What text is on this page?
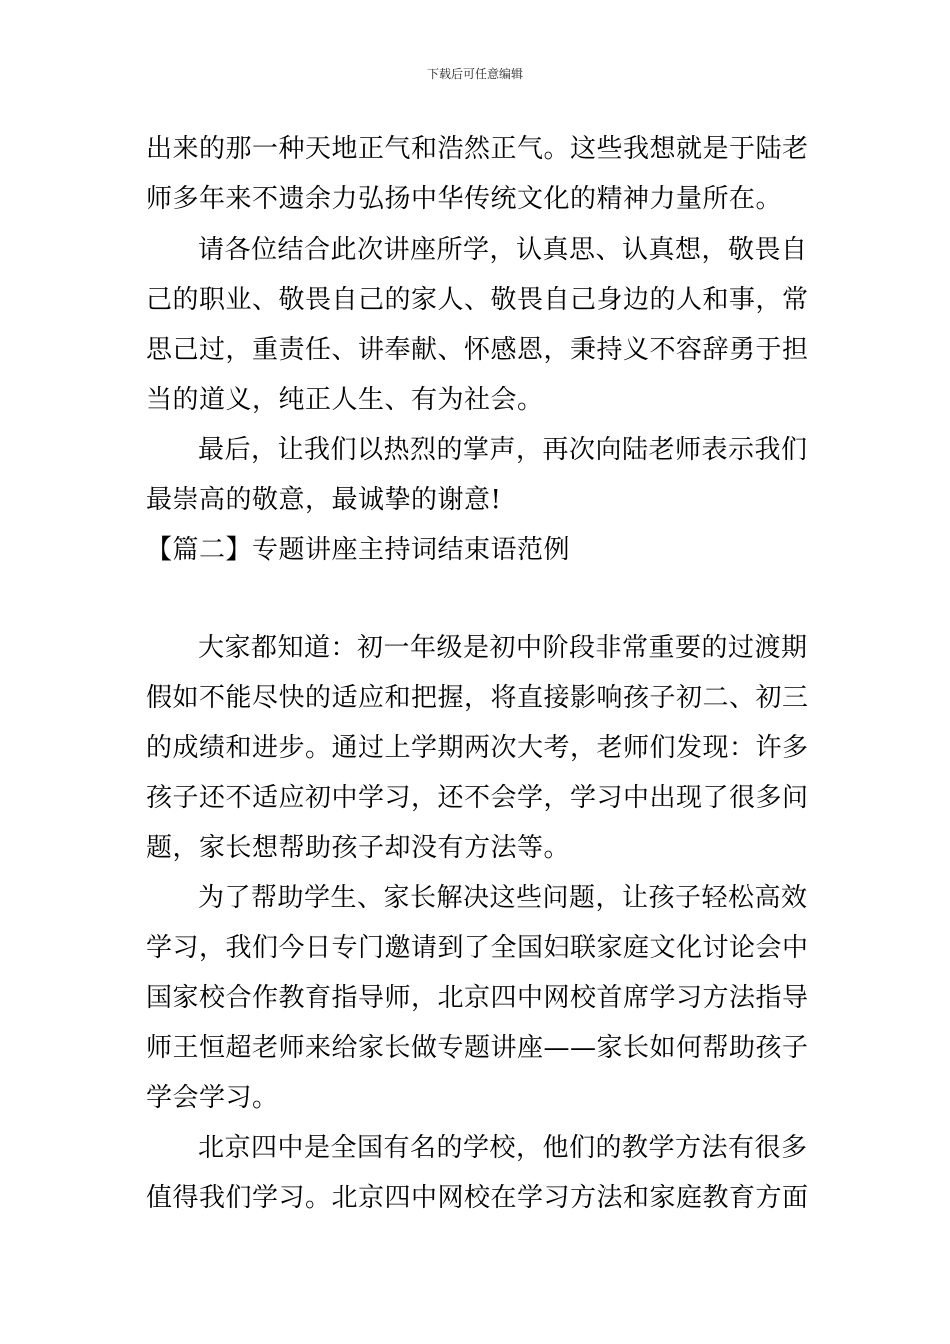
下载后可任意编辑
出来的那一种天地正气和浩然正气。这些我想就是于陆老
师多年来不遗余力弘扬中华传统文化的精神力量所在。
请各位结合此次讲座所学，认真思、认真想，敬畏自
己的职业、敬畏自己的家人、敬畏自己身边的人和事，常
思己过，重责任、讲奉献、怀感恩，秉持义不容辞勇于担
当的道义，纯正人生、有为社会。
最后，让我们以热烈的掌声，再次向陆老师表示我们
最崇高的敬意，最诚挚的谢意!
【篇二】专题讲座主持词结束语范例
大家都知道：初一年级是初中阶段非常重要的过渡期
假如不能尽快的适应和把握，将直接影响孩子初二、初三
的成绩和进步。通过上学期两次大考，老师们发现：许多
孩子还不适应初中学习，还不会学，学习中出现了很多问
题，家长想帮助孩子却没有方法等。
为了帮助学生、家长解决这些问题，让孩子轻松高效
学习，我们今日专门邀请到了全国妇联家庭文化讨论会中
国家校合作教育指导师，北京四中网校首席学习方法指导
师王恒超老师来给家长做专题讲座——家长如何帮助孩子
学会学习。
北京四中是全国有名的学校，他们的教学方法有很多
值得我们学习。北京四中网校在学习方法和家庭教育方面
